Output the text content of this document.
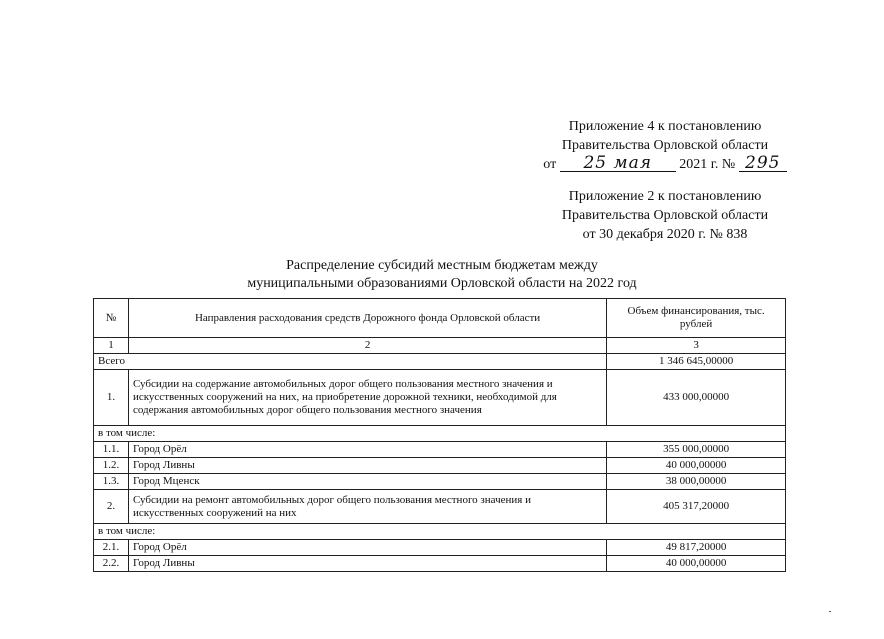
Приложение 4 к постановлению
Правительства Орловской области
от 25 мая 2021 г. № 295
Приложение 2 к постановлению
Правительства Орловской области
от 30 декабря 2020 г. № 838
Распределение субсидий местным бюджетам между
муниципальными образованиями Орловской области на 2022 год
№	Направления расходования средств Дорожного фонда Орловской области	Объем финансирования, тыс. рублей
1	2	3
Всего		1 346 645,00000
1.	Субсидии на содержание автомобильных дорог общего пользования местного значения и искусственных сооружений на них, на приобретение дорожной техники, необходимой для содержания автомобильных дорог общего пользования местного значения	433 000,00000
в том числе:		
1.1.	Город Орёл	355 000,00000
1.2.	Город Ливны	40 000,00000
1.3.	Город Мценск	38 000,00000
2.	Субсидии на ремонт автомобильных дорог общего пользования местного значения и искусственных сооружений на них	405 317,20000
в том числе:		
2.1.	Город Орёл	49 817,20000
2.2.	Город Ливны	40 000,00000
